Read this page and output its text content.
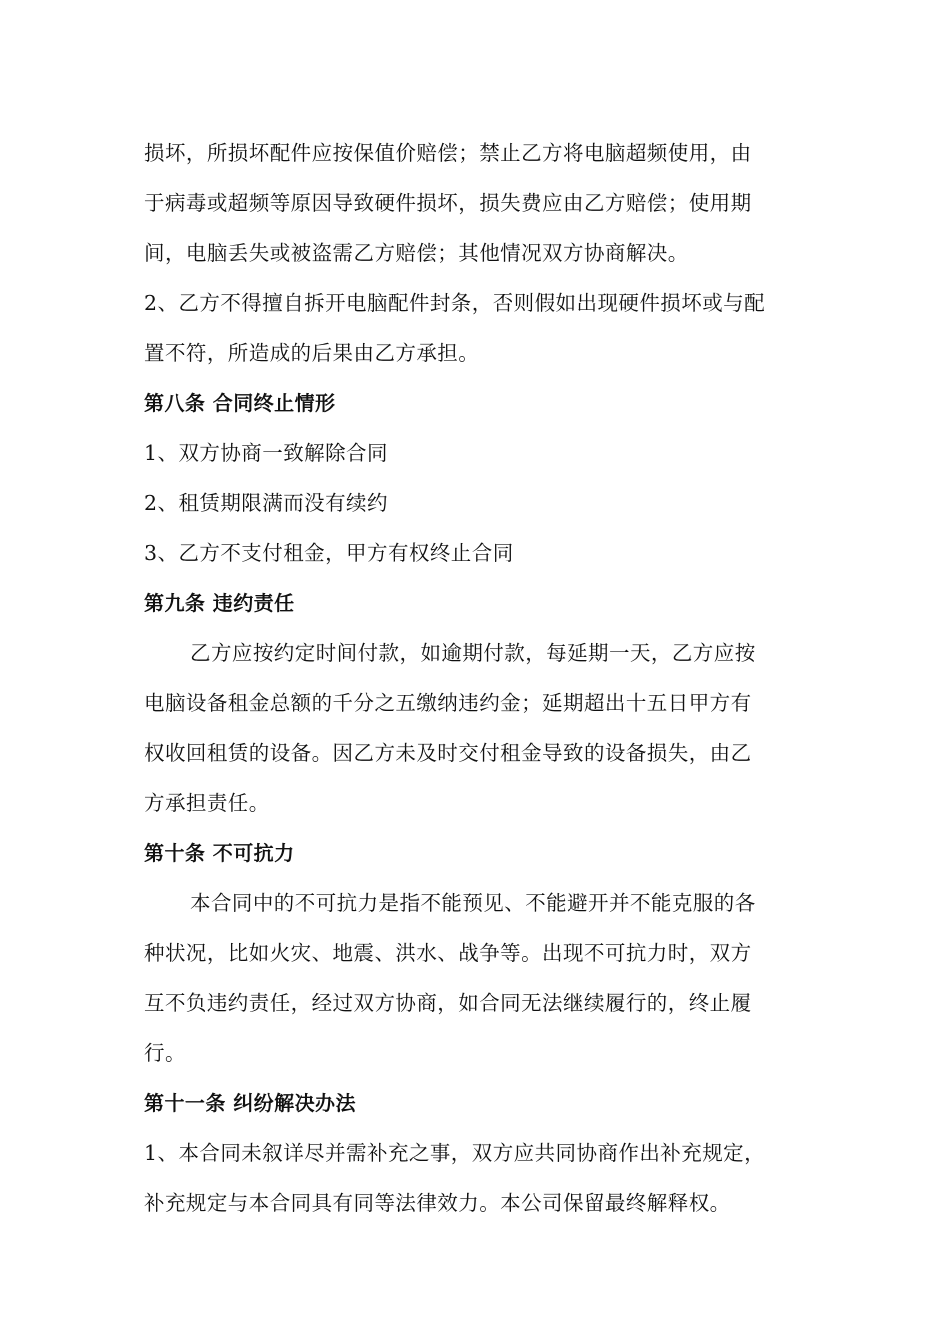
损坏，所损坏配件应按保值价赔偿；禁止乙方将电脑超频使用，由
于病毒或超频等原因导致硬件损坏，损失费应由乙方赔偿；使用期
间，电脑丢失或被盗需乙方赔偿；其他情况双方协商解决。
2、乙方不得擅自拆开电脑配件封条，否则假如出现硬件损坏或与配
置不符，所造成的后果由乙方承担。
第八条 合同终止情形
1、双方协商一致解除合同
2、租赁期限满而没有续约
3、乙方不支付租金，甲方有权终止合同
第九条 违约责任
乙方应按约定时间付款，如逾期付款，每延期一天，乙方应按
电脑设备租金总额的千分之五缴纳违约金；延期超出十五日甲方有
权收回租赁的设备。因乙方未及时交付租金导致的设备损失，由乙
方承担责任。
第十条 不可抗力
本合同中的不可抗力是指不能预见、不能避开并不能克服的各
种状况，比如火灾、地震、洪水、战争等。出现不可抗力时，双方
互不负违约责任，经过双方协商，如合同无法继续履行的，终止履
行。
第十一条 纠纷解决办法
1、本合同未叙详尽并需补充之事，双方应共同协商作出补充规定，
补充规定与本合同具有同等法律效力。本公司保留最终解释权。
